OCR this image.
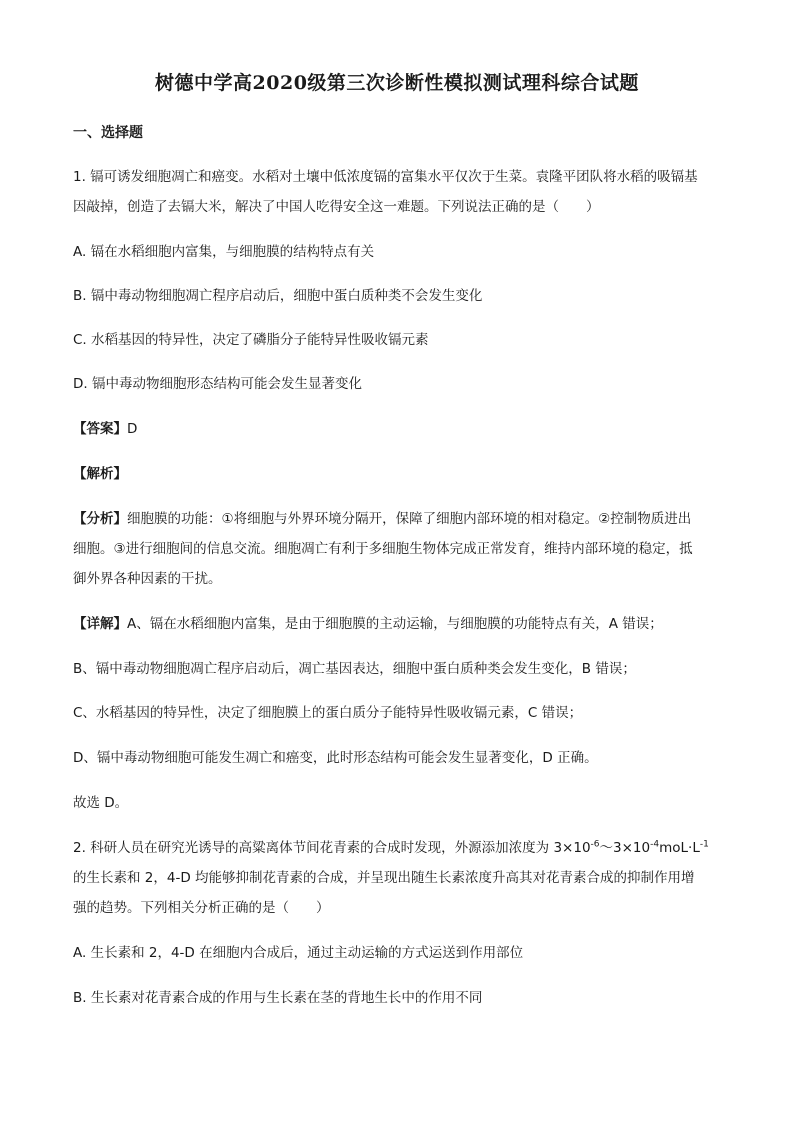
树德中学高2020级第三次诊断性模拟测试理科综合试题
一、选择题
1. 镉可诱发细胞凋亡和癌变。水稻对土壤中低浓度镉的富集水平仅次于生菜。袁隆平团队将水稻的吸镉基
因敲掉，创造了去镉大米，解决了中国人吃得安全这一难题。下列说法正确的是（　　）
A. 镉在水稻细胞内富集，与细胞膜的结构特点有关
B. 镉中毒动物细胞凋亡程序启动后，细胞中蛋白质种类不会发生变化
C. 水稻基因的特异性，决定了磷脂分子能特异性吸收镉元素
D. 镉中毒动物细胞形态结构可能会发生显著变化
【答案】D
【解析】
【分析】细胞膜的功能：①将细胞与外界环境分隔开，保障了细胞内部环境的相对稳定。②控制物质进出
细胞。③进行细胞间的信息交流。细胞凋亡有利于多细胞生物体完成正常发育，维持内部环境的稳定，抵
御外界各种因素的干扰。
【详解】A、镉在水稻细胞内富集，是由于细胞膜的主动运输，与细胞膜的功能特点有关，A 错误；
B、镉中毒动物细胞凋亡程序启动后，凋亡基因表达，细胞中蛋白质种类会发生变化，B 错误；
C、水稻基因的特异性，决定了细胞膜上的蛋白质分子能特异性吸收镉元素，C 错误；
D、镉中毒动物细胞可能发生凋亡和癌变，此时形态结构可能会发生显著变化，D 正确。
故选 D。
2. 科研人员在研究光诱导的高粱离体节间花青素的合成时发现，外源添加浓度为 $3\times 10^{-6}\sim 3\times 10^{-4}moL\cdot L^{-1}$
的生长素和 2，4-D 均能够抑制花青素的合成，并呈现出随生长素浓度升高其对花青素合成的抑制作用增
强的趋势。下列相关分析正确的是（　　）
A. 生长素和 2，4-D 在细胞内合成后，通过主动运输的方式运送到作用部位
B. 生长素对花青素合成的作用与生长素在茎的背地生长中的作用不同
